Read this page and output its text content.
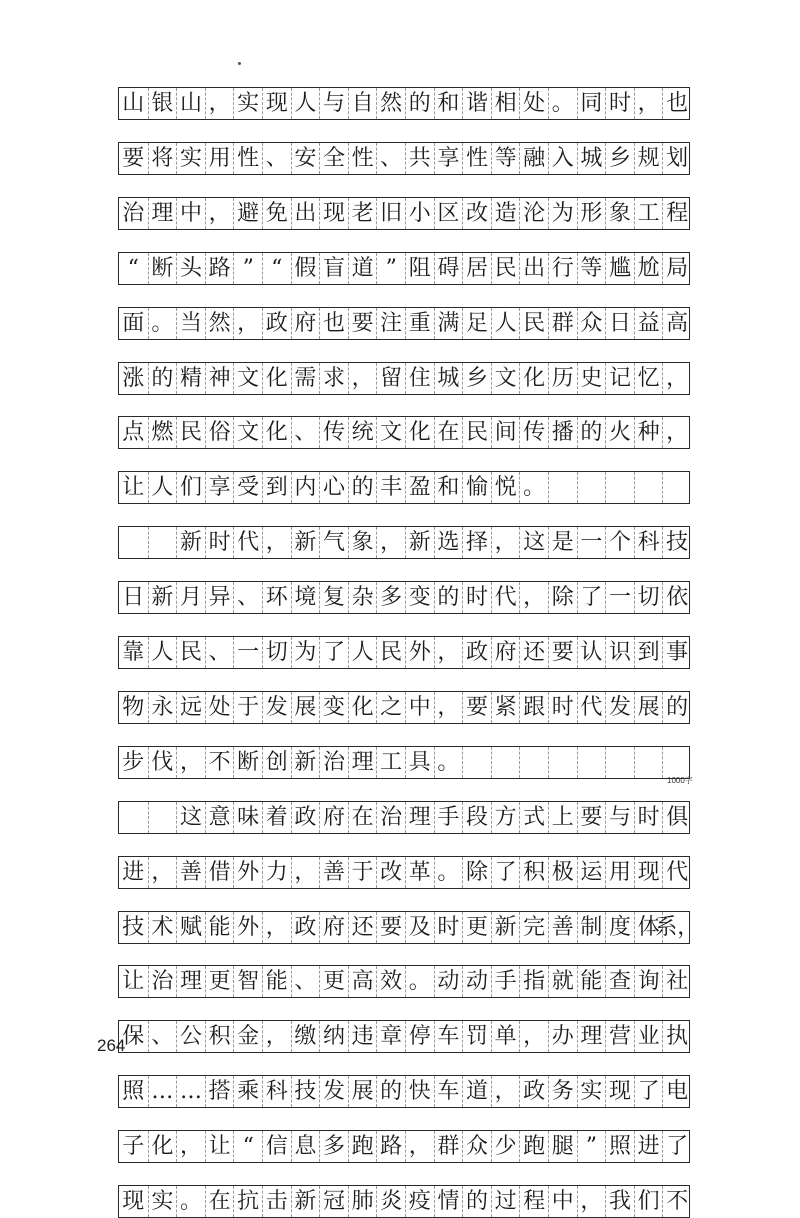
山 银 山 ， 实 现 人 与 自 然 的 和 谐 相 处 。 同 时 ， 也
要 将 实 用 性 、 安 全 性 、 共 享 性 等 融 入 城 乡 规 划
治 理 中 ， 避 免 出 现 老 旧 小 区 改 造 沦 为 形 象 工 程
“ 断 头 路 ” “ 假 盲 道 ” 阻 碍 居 民 出 行 等 尴 尬 局
面 。 当 然 ， 政 府 也 要 注 重 满 足 人 民 群 众 日 益 高
涨 的 精 神 文 化 需 求 ， 留 住 城 乡 文 化 历 史 记 忆 ，
点 燃 民 俗 文 化 、 传 统 文 化 在 民 间 传 播 的 火 种 ，
让 人 们 享 受 到 内 心 的 丰 盈 和 愉 悦 。
新 时 代 ， 新 气 象 ， 新 选 择 ， 这 是 一 个 科 技
日 新 月 异 、 环 境 复 杂 多 变 的 时 代 ， 除 了 一 切 依
靠 人 民 、 一 切 为 了 人 民 外 ， 政 府 还 要 认 识 到 事
物 永 远 处 于 发 展 变 化 之 中 ， 要 紧 跟 时 代 发 展 的
步 伐 ， 不 断 创 新 治 理 工 具 。
这 意 味 着 政 府 在 治 理 手 段 方 式 上 要 与 时 俱
进 ， 善 借 外 力 ， 善 于 改 革 。 除 了 积 极 运 用 现 代
技 术 赋 能 外 ， 政 府 还 要 及 时 更 新 完 善 制 度 体
系，
让 治 理 更 智 能 、 更 高 效 。 动 动 手 指 就 能 查 询 社
保 、 公 积 金 ， 缴 纳 违 章 停 车 罚 单 ， 办 理 营 业 执
照 … … 搭 乘 科 技 发 展 的 快 车 道 ， 政 务 实 现 了 电
子 化 ， 让 “ 信 息 多 跑 路 ， 群 众 少 跑 腿 ” 照 进 了
现 实 。 在 抗 击 新 冠 肺 炎 疫 情 的 过 程 中 ， 我 们 不
1000字
264
